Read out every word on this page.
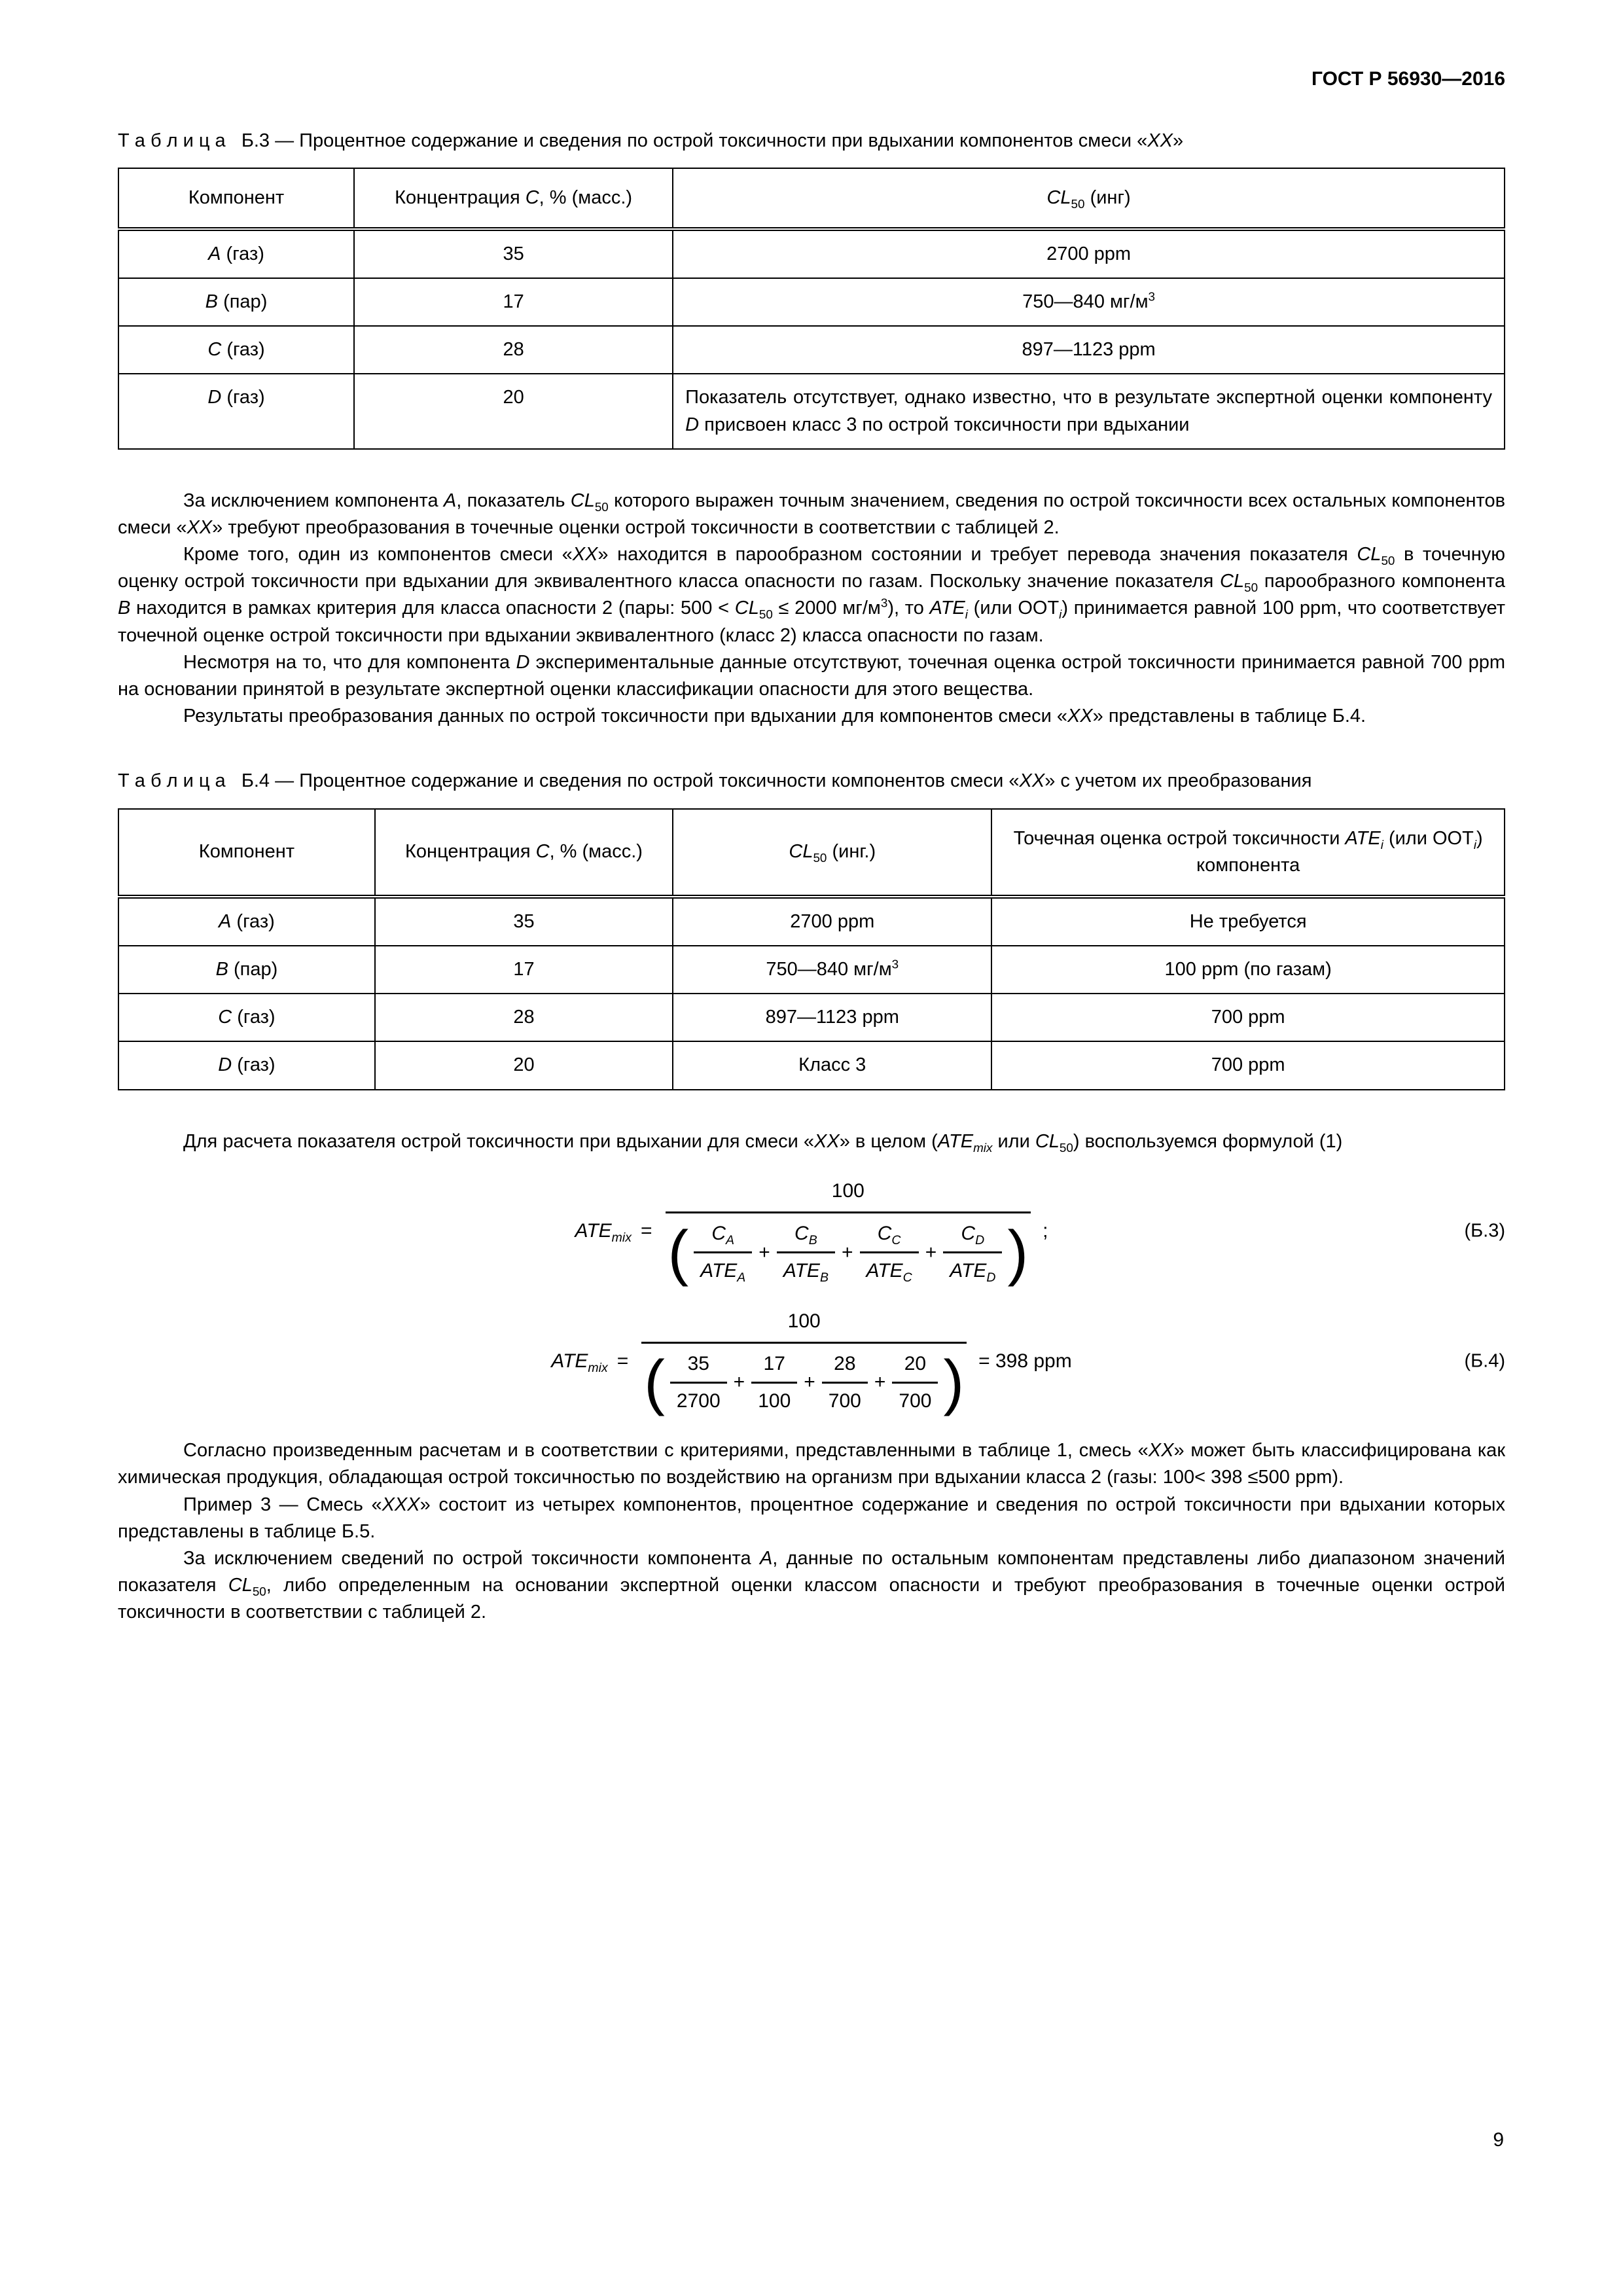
ГОСТ Р 56930—2016

Т а б л и ц а   Б.3 — Процентное содержание и сведения по острой токсичности при вдыхании компонентов смеси «ХХ»

Компонент	Концентрация С, % (масс.)	$CL_{50}$ (инг)
A (газ)	35	2700 ppm
B (пар)	17	750—840 $мг/м^3$
C (газ)	28	897—1123 ppm
D (газ)	20	Показатель отсутствует, однако известно, что в результате экспертной оценки компоненту D присвоен класс 3 по острой токсичности при вдыхании

За исключением компонента A, показатель $CL_{50}$ которого выражен точным значением, сведения по острой токсичности всех остальных компонентов смеси «ХХ» требуют преобразования в точечные оценки острой токсичности в соответствии с таблицей 2.

Кроме того, один из компонентов смеси «ХХ» находится в парообразном состоянии и требует перевода значения показателя $CL_{50}$ в точечную оценку острой токсичности при вдыхании для эквивалентного класса опасности по газам. Поскольку значение показателя $CL_{50}$ парообразного компонента B находится в рамках критерия для класса опасности 2 (пары: $500 < CL_{50} \le 2000$ $мг/м^3$), то $ATE_i$ (или $ООТ_i$) принимается равной 100 ppm, что соответствует точечной оценке острой токсичности при вдыхании эквивалентного (класс 2) класса опасности по газам.

Несмотря на то, что для компонента D экспериментальные данные отсутствуют, точечная оценка острой токсичности принимается равной 700 ppm на основании принятой в результате экспертной оценки классификации опасности для этого вещества.

Результаты преобразования данных по острой токсичности при вдыхании для компонентов смеси «ХХ» представлены в таблице Б.4.

Т а б л и ц а   Б.4 — Процентное содержание и сведения по острой токсичности компонентов смеси «ХХ» с учетом их преобразования

Компонент	Концентрация С, % (масс.)	$CL_{50}$ (инг.)	Точечная оценка острой токсичности $ATE_i$ (или $ООТ_i$) компонента
A (газ)	35	2700 ppm	Не требуется
B (пар)	17	750—840 $мг/м^3$	100 ppm (по газам)
C (газ)	28	897—1123 ppm	700 ppm
D (газ)	20	Класс 3	700 ppm

Для расчета показателя острой токсичности при вдыхании для смеси «ХХ» в целом ($ATE_{mix}$ или $CL_{50}$) воспользуемся формулой (1)

$ATE_{mix}$ =
100
( $\frac{C_A}{ATE_A} + \frac{C_B}{ATE_B} + \frac{C_C}{ATE_C} + \frac{C_D}{ATE_D}$ ) ;	(Б.3)
$ATE_{mix}$ =
100
( $\frac{35}{2700} + \frac{17}{100} + \frac{28}{700} + \frac{20}{700}$ ) = 398 ppm	(Б.4)

Согласно произведенным расчетам и в соответствии с критериями, представленными в таблице 1, смесь «ХХ» может быть классифицирована как химическая продукция, обладающая острой токсичностью по воздействию на организм при вдыхании класса 2 (газы: 100< 398 ≤500 ppm).

Пример 3 — Смесь «ХХХ» состоит из четырех компонентов, процентное содержание и сведения по острой токсичности при вдыхании которых представлены в таблице Б.5.

За исключением сведений по острой токсичности компонента A, данные по остальным компонентам представлены либо диапазоном значений показателя $CL_{50}$, либо определенным на основании экспертной оценки классом опасности и требуют преобразования в точечные оценки острой токсичности в соответствии с таблицей 2.

9
